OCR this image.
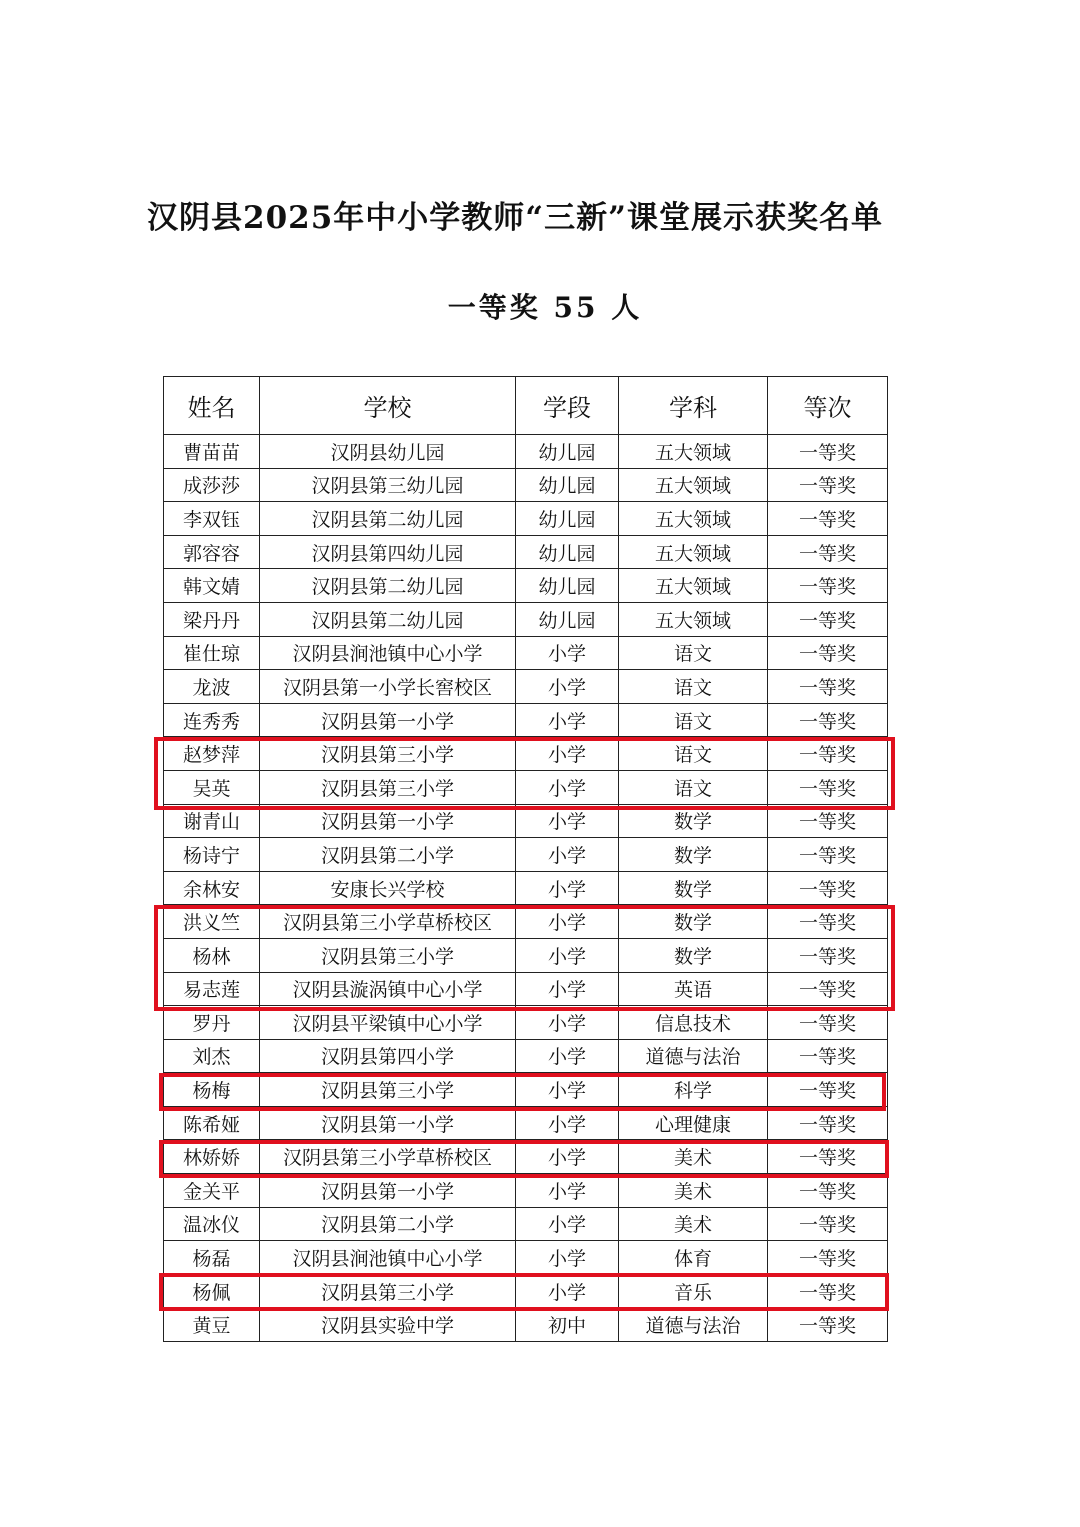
汉阴县2025年中小学教师“三新”课堂展示获奖名单
一等奖 55 人
姓名	学校	学段	学科	等次
曹苗苗	汉阴县幼儿园	幼儿园	五大领域	一等奖
成莎莎	汉阴县第三幼儿园	幼儿园	五大领域	一等奖
李双钰	汉阴县第二幼儿园	幼儿园	五大领域	一等奖
郭容容	汉阴县第四幼儿园	幼儿园	五大领域	一等奖
韩文婧	汉阴县第二幼儿园	幼儿园	五大领域	一等奖
梁丹丹	汉阴县第二幼儿园	幼儿园	五大领域	一等奖
崔仕琼	汉阴县涧池镇中心小学	小学	语文	一等奖
龙波	汉阴县第一小学长窖校区	小学	语文	一等奖
连秀秀	汉阴县第一小学	小学	语文	一等奖
赵梦萍	汉阴县第三小学	小学	语文	一等奖
吴英	汉阴县第三小学	小学	语文	一等奖
谢青山	汉阴县第一小学	小学	数学	一等奖
杨诗宁	汉阴县第二小学	小学	数学	一等奖
余林安	安康长兴学校	小学	数学	一等奖
洪义竺	汉阴县第三小学草桥校区	小学	数学	一等奖
杨林	汉阴县第三小学	小学	数学	一等奖
易志莲	汉阴县漩涡镇中心小学	小学	英语	一等奖
罗丹	汉阴县平梁镇中心小学	小学	信息技术	一等奖
刘杰	汉阴县第四小学	小学	道德与法治	一等奖
杨梅	汉阴县第三小学	小学	科学	一等奖
陈希娅	汉阴县第一小学	小学	心理健康	一等奖
林娇娇	汉阴县第三小学草桥校区	小学	美术	一等奖
金关平	汉阴县第一小学	小学	美术	一等奖
温冰仪	汉阴县第二小学	小学	美术	一等奖
杨磊	汉阴县涧池镇中心小学	小学	体育	一等奖
杨佩	汉阴县第三小学	小学	音乐	一等奖
黄豆	汉阴县实验中学	初中	道德与法治	一等奖
